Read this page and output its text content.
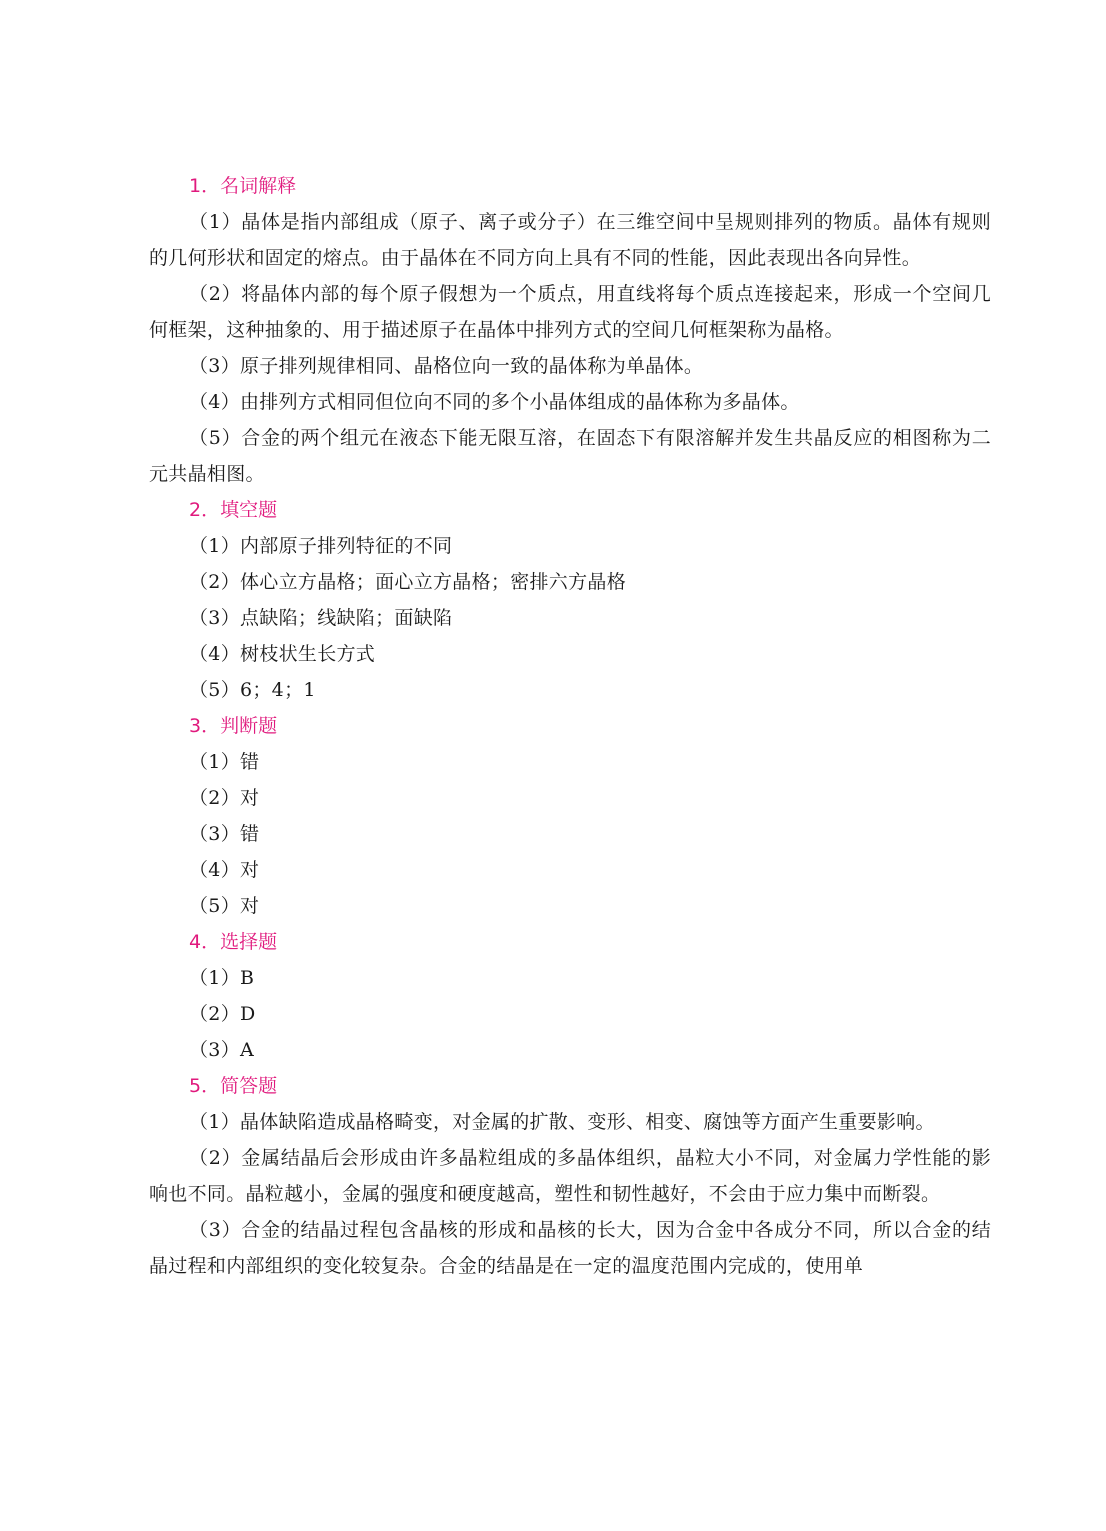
1．名词解释

（1）晶体是指内部组成（原子、离子或分子）在三维空间中呈规则排列的物质。晶体有规则的几何形状和固定的熔点。由于晶体在不同方向上具有不同的性能，因此表现出各向异性。

（2）将晶体内部的每个原子假想为一个质点，用直线将每个质点连接起来，形成一个空间几何框架，这种抽象的、用于描述原子在晶体中排列方式的空间几何框架称为晶格。

（3）原子排列规律相同、晶格位向一致的晶体称为单晶体。

（4）由排列方式相同但位向不同的多个小晶体组成的晶体称为多晶体。

（5）合金的两个组元在液态下能无限互溶，在固态下有限溶解并发生共晶反应的相图称为二元共晶相图。

2．填空题

（1）内部原子排列特征的不同

（2）体心立方晶格；面心立方晶格；密排六方晶格

（3）点缺陷；线缺陷；面缺陷

（4）树枝状生长方式

（5）6；4；1

3．判断题

（1）错

（2）对

（3）错

（4）对

（5）对

4．选择题

（1）B

（2）D

（3）A

5．简答题

（1）晶体缺陷造成晶格畸变，对金属的扩散、变形、相变、腐蚀等方面产生重要影响。

（2）金属结晶后会形成由许多晶粒组成的多晶体组织，晶粒大小不同，对金属力学性能的影响也不同。晶粒越小，金属的强度和硬度越高，塑性和韧性越好，不会由于应力集中而断裂。

（3）合金的结晶过程包含晶核的形成和晶核的长大，因为合金中各成分不同，所以合金的结晶过程和内部组织的变化较复杂。合金的结晶是在一定的温度范围内完成的，使用单
